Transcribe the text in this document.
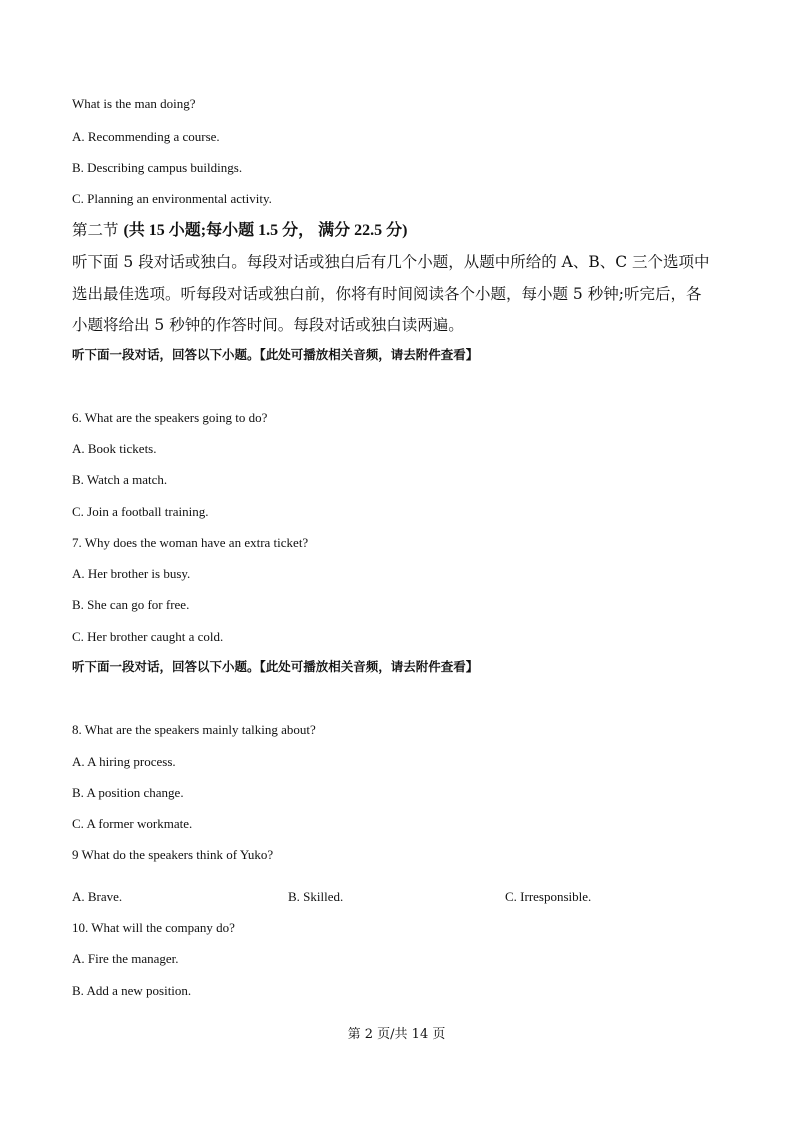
What is the man doing?
A. Recommending a course.
B. Describing campus buildings.
C. Planning an environmental activity.
第二节 (共 15 小题;每小题 1.5 分， 满分 22.5 分)
听下面 5 段对话或独白。每段对话或独白后有几个小题，从题中所给的 A、B、C 三个选项中
选出最佳选项。听每段对话或独白前，你将有时间阅读各个小题，每小题 5 秒钟;听完后，各
小题将给出 5 秒钟的作答时间。每段对话或独白读两遍。
听下面一段对话，回答以下小题。【此处可播放相关音频，请去附件查看】
6. What are the speakers going to do?
A. Book tickets.
B. Watch a match.
C. Join a football training.
7. Why does the woman have an extra ticket?
A. Her brother is busy.
B. She can go for free.
C. Her brother caught a cold.
听下面一段对话，回答以下小题。【此处可播放相关音频，请去附件查看】
8. What are the speakers mainly talking about?
A. A hiring process.
B. A position change.
C. A former workmate.
9 What do the speakers think of Yuko?
A. Brave.	B. Skilled.	C. Irresponsible.
10. What will the company do?
A. Fire the manager.
B. Add a new position.
第 2 页/共 14 页
